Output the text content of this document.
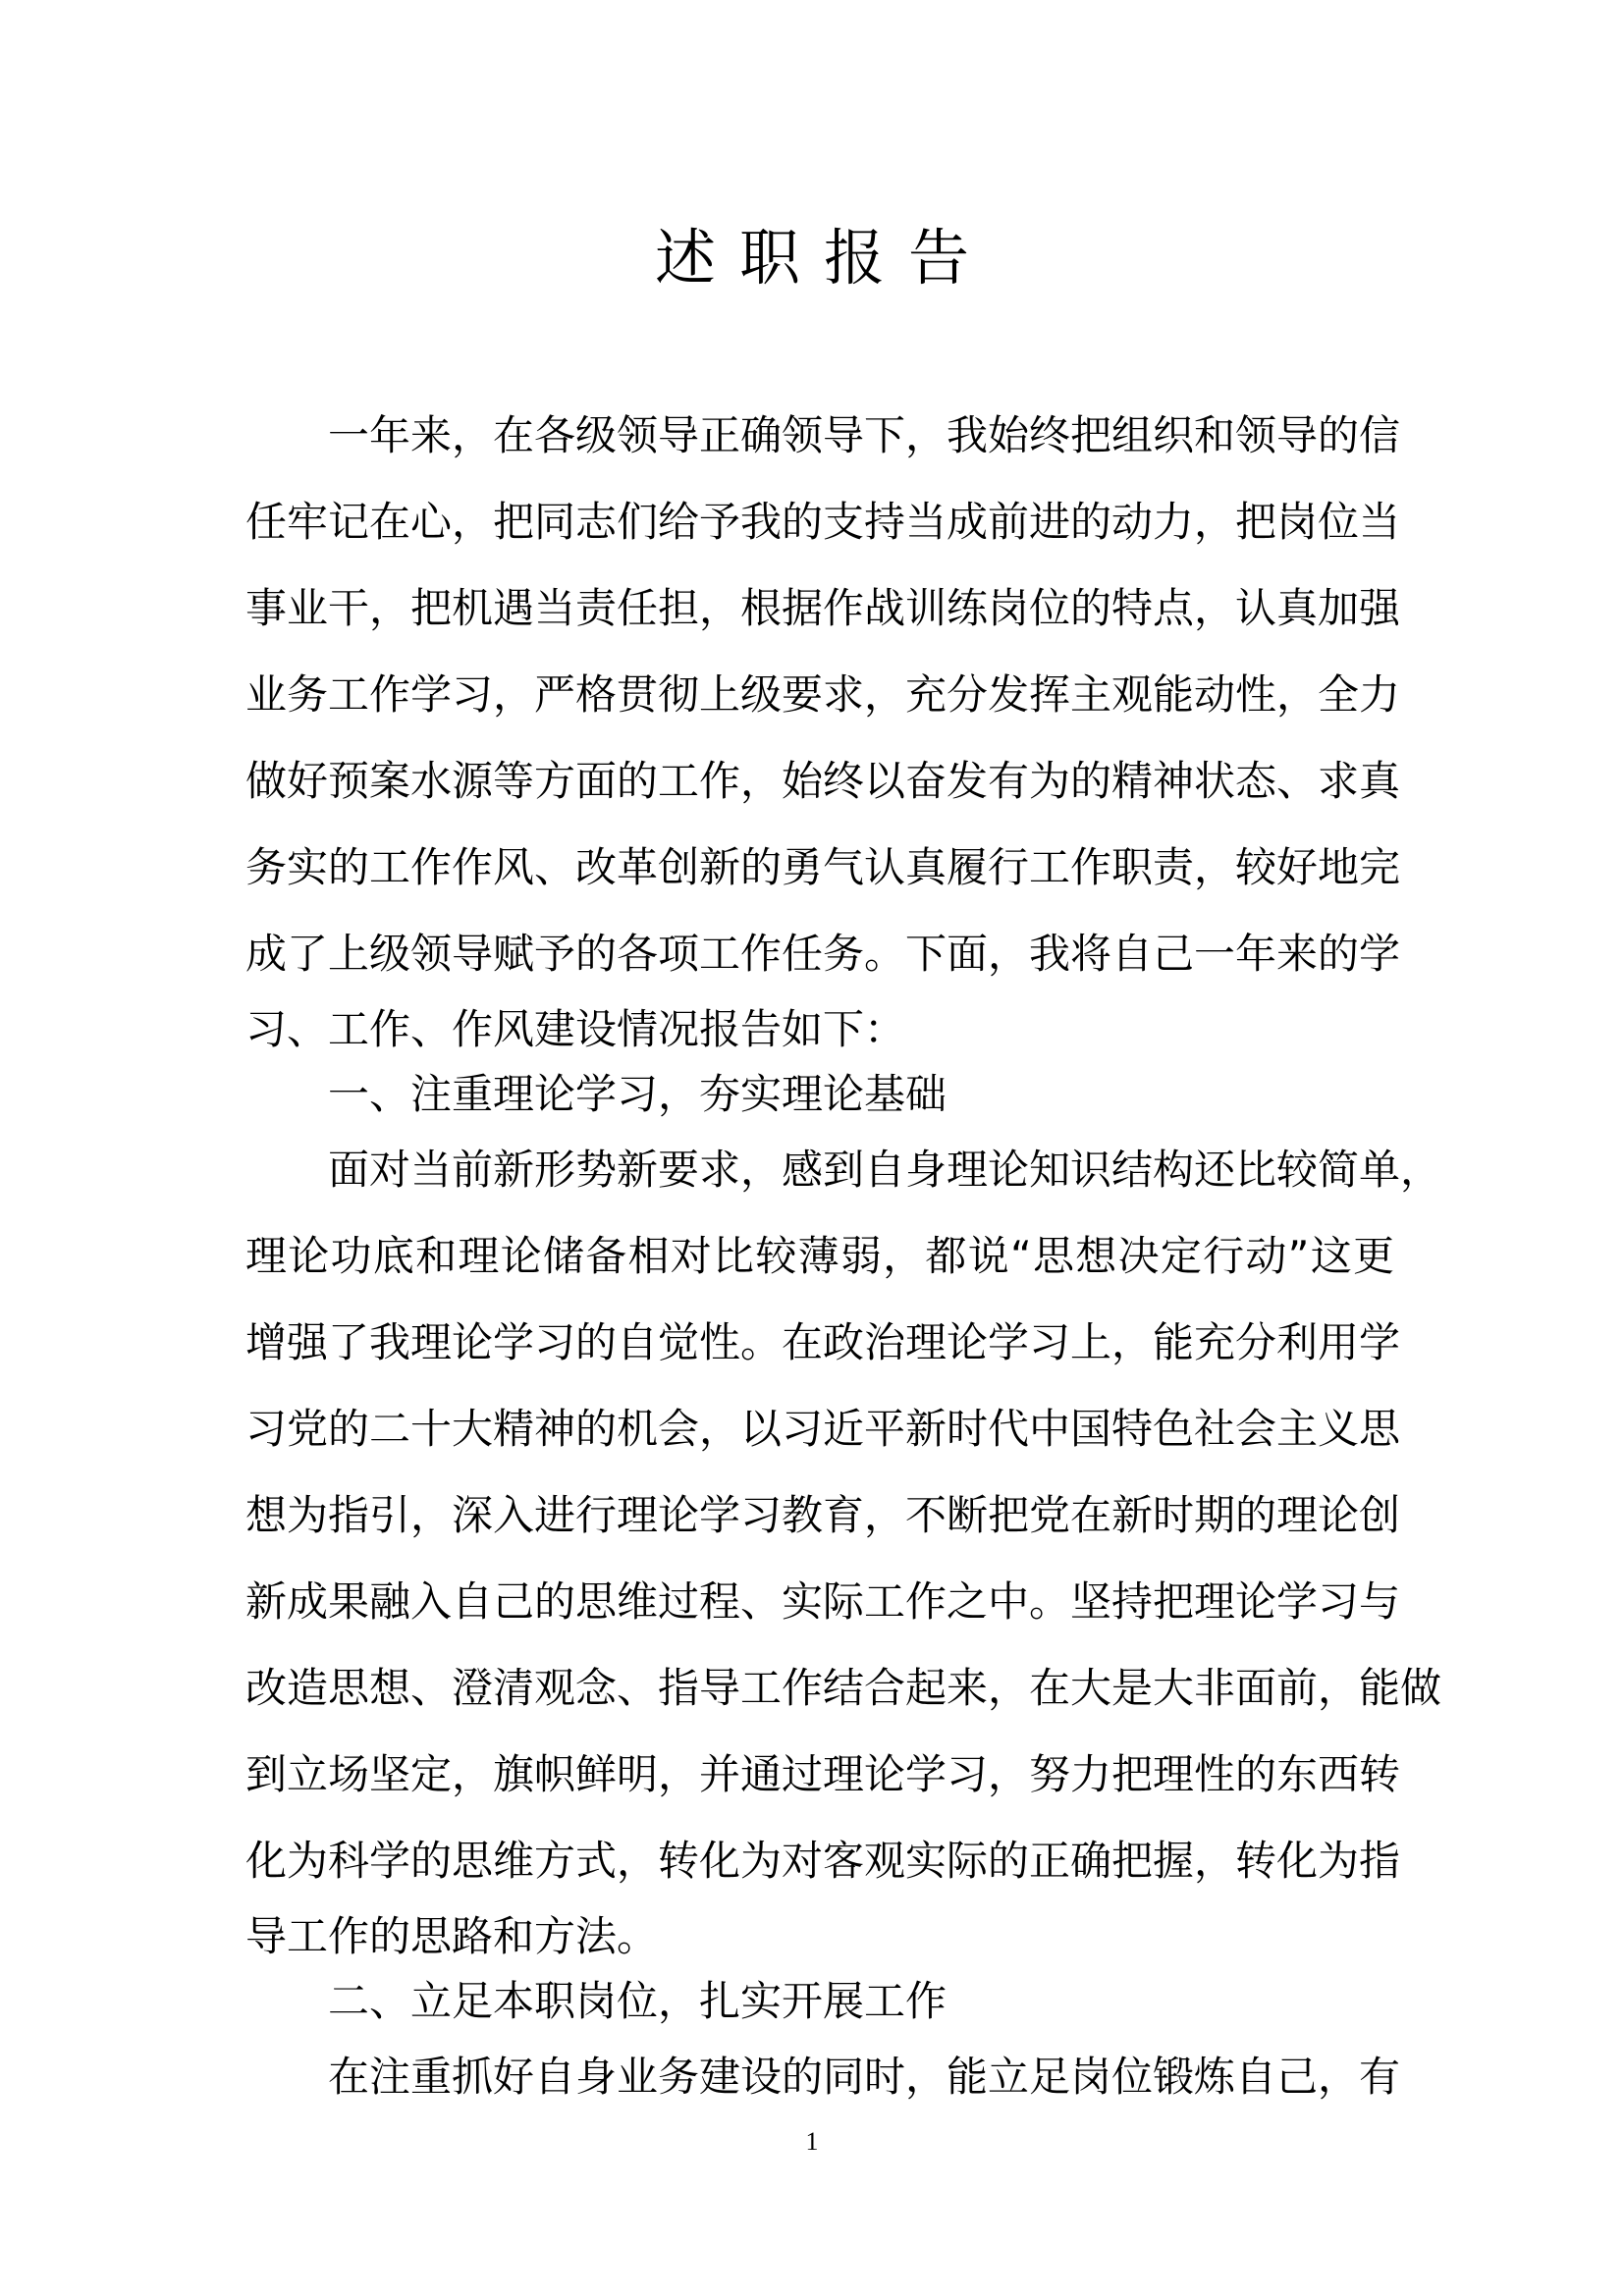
述职报告
一年来，在各级领导正确领导下，我始终把组织和领导的信
任牢记在心，把同志们给予我的支持当成前进的动力，把岗位当
事业干，把机遇当责任担，根据作战训练岗位的特点，认真加强
业务工作学习，严格贯彻上级要求，充分发挥主观能动性，全力
做好预案水源等方面的工作，始终以奋发有为的精神状态、求真
务实的工作作风、改革创新的勇气认真履行工作职责，较好地完
成了上级领导赋予的各项工作任务。下面，我将自己一年来的学
习、工作、作风建设情况报告如下：
一、注重理论学习，夯实理论基础
面对当前新形势新要求，感到自身理论知识结构还比较简单，
理论功底和理论储备相对比较薄弱，都说“思想决定行动”这更
增强了我理论学习的自觉性。在政治理论学习上，能充分利用学
习党的二十大精神的机会，以习近平新时代中国特色社会主义思
想为指引，深入进行理论学习教育，不断把党在新时期的理论创
新成果融入自己的思维过程、实际工作之中。坚持把理论学习与
改造思想、澄清观念、指导工作结合起来，在大是大非面前，能做
到立场坚定，旗帜鲜明，并通过理论学习，努力把理性的东西转
化为科学的思维方式，转化为对客观实际的正确把握，转化为指
导工作的思路和方法。
二、立足本职岗位，扎实开展工作
在注重抓好自身业务建设的同时，能立足岗位锻炼自己，有
1
